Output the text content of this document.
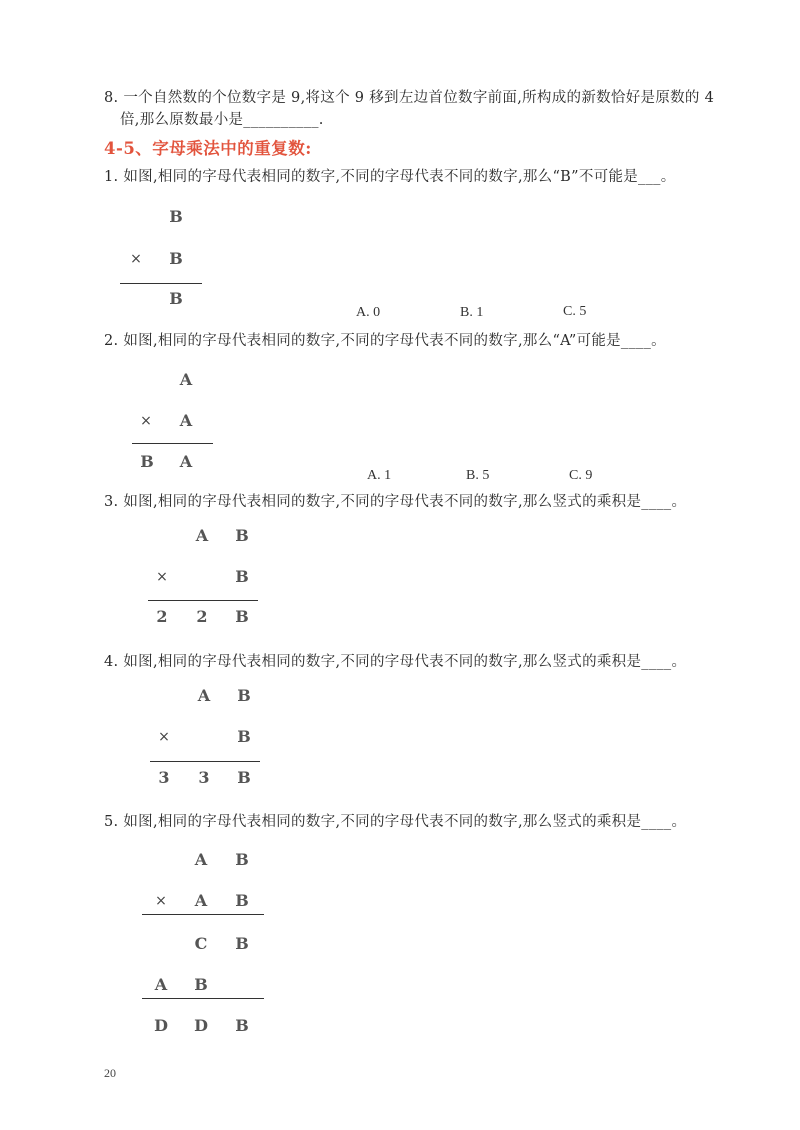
8. 一个自然数的个位数字是 9,将这个 9 移到左边首位数字前面,所构成的新数恰好是原数的 4
倍,那么原数最小是__________.
4-5、字母乘法中的重复数:
1. 如图,相同的字母代表相同的数字,不同的字母代表不同的数字,那么“B”不可能是___。
B
× B
B
A. 0	B. 1	C. 5
2. 如图,相同的字母代表相同的数字,不同的字母代表不同的数字,那么“A”可能是____。
A
× A
B A
A. 1	B. 5	C. 9
3. 如图,相同的字母代表相同的数字,不同的字母代表不同的数字,那么竖式的乘积是____。
A B
×	B
2 2 B
4. 如图,相同的字母代表相同的数字,不同的字母代表不同的数字,那么竖式的乘积是____。
A B
×	B
3 3 B
5. 如图,相同的字母代表相同的数字,不同的字母代表不同的数字,那么竖式的乘积是____。
A B
× A B
C B
A B
D D B
20
